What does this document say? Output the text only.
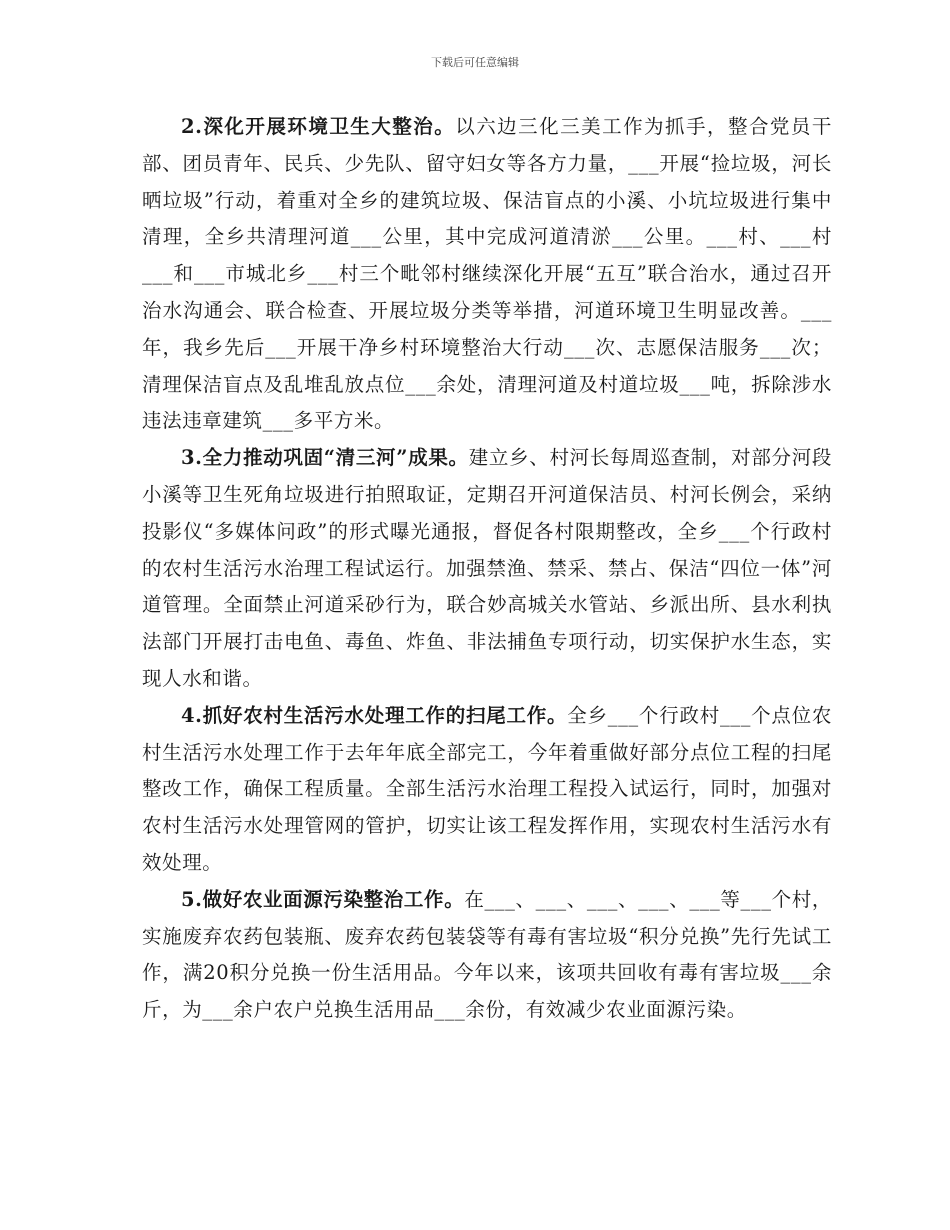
下载后可任意编辑

2.深化开展环境卫生大整治。以六边三化三美工作为抓手，整合党员干部、团员青年、民兵、少先队、留守妇女等各方力量，___开展“捡垃圾，河长晒垃圾”行动，着重对全乡的建筑垃圾、保洁盲点的小溪、小坑垃圾进行集中清理，全乡共清理河道___公里，其中完成河道清淤___公里。___村、___村___和___市城北乡___村三个毗邻村继续深化开展“五互”联合治水，通过召开治水沟通会、联合检查、开展垃圾分类等举措，河道环境卫生明显改善。___年，我乡先后___开展干净乡村环境整治大行动___次、志愿保洁服务___次；清理保洁盲点及乱堆乱放点位___余处，清理河道及村道垃圾___吨，拆除涉水违法违章建筑___多平方米。

3.全力推动巩固“清三河”成果。建立乡、村河长每周巡查制，对部分河段小溪等卫生死角垃圾进行拍照取证，定期召开河道保洁员、村河长例会，采纳投影仪“多媒体问政”的形式曝光通报，督促各村限期整改，全乡___个行政村的农村生活污水治理工程试运行。加强禁渔、禁采、禁占、保洁“四位一体”河道管理。全面禁止河道采砂行为，联合妙高城关水管站、乡派出所、县水利执法部门开展打击电鱼、毒鱼、炸鱼、非法捕鱼专项行动，切实保护水生态，实现人水和谐。

4.抓好农村生活污水处理工作的扫尾工作。全乡___个行政村___个点位农村生活污水处理工作于去年年底全部完工，今年着重做好部分点位工程的扫尾整改工作，确保工程质量。全部生活污水治理工程投入试运行，同时，加强对农村生活污水处理管网的管护，切实让该工程发挥作用，实现农村生活污水有效处理。

5.做好农业面源污染整治工作。在___、___、___、___、___等___个村，实施废弃农药包装瓶、废弃农药包装袋等有毒有害垃圾“积分兑换”先行先试工作，满20积分兑换一份生活用品。今年以来，该项共回收有毒有害垃圾___余斤，为___余户农户兑换生活用品___余份，有效减少农业面源污染。
